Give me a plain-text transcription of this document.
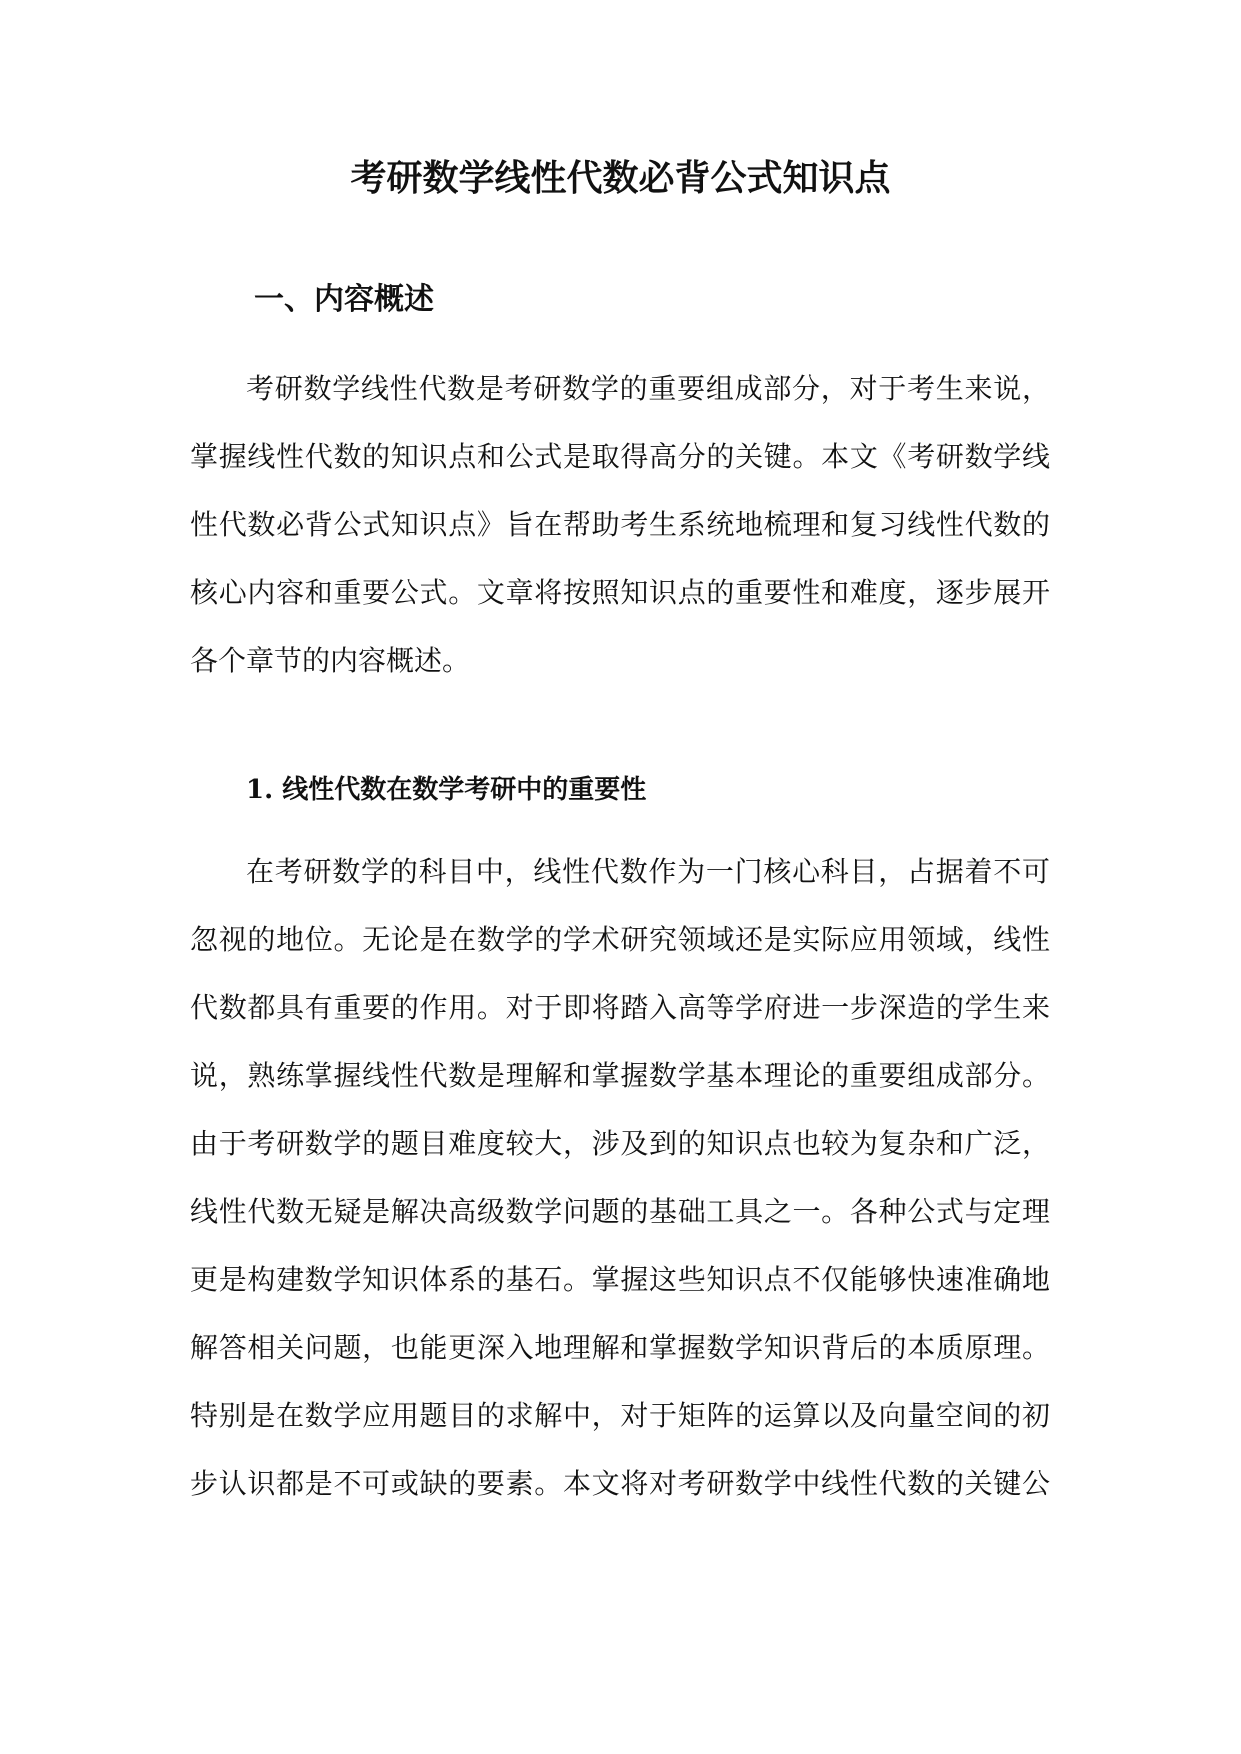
考研数学线性代数必背公式知识点
一、内容概述
考研数学线性代数是考研数学的重要组成部分，对于考生来说，
掌握线性代数的知识点和公式是取得高分的关键。本文《考研数学线
性代数必背公式知识点》旨在帮助考生系统地梳理和复习线性代数的
核心内容和重要公式。文章将按照知识点的重要性和难度，逐步展开
各个章节的内容概述。
1. 线性代数在数学考研中的重要性
在考研数学的科目中，线性代数作为一门核心科目，占据着不可
忽视的地位。无论是在数学的学术研究领域还是实际应用领域，线性
代数都具有重要的作用。对于即将踏入高等学府进一步深造的学生来
说，熟练掌握线性代数是理解和掌握数学基本理论的重要组成部分。
由于考研数学的题目难度较大，涉及到的知识点也较为复杂和广泛，
线性代数无疑是解决高级数学问题的基础工具之一。各种公式与定理
更是构建数学知识体系的基石。掌握这些知识点不仅能够快速准确地
解答相关问题，也能更深入地理解和掌握数学知识背后的本质原理。
特别是在数学应用题目的求解中，对于矩阵的运算以及向量空间的初
步认识都是不可或缺的要素。本文将对考研数学中线性代数的关键公
